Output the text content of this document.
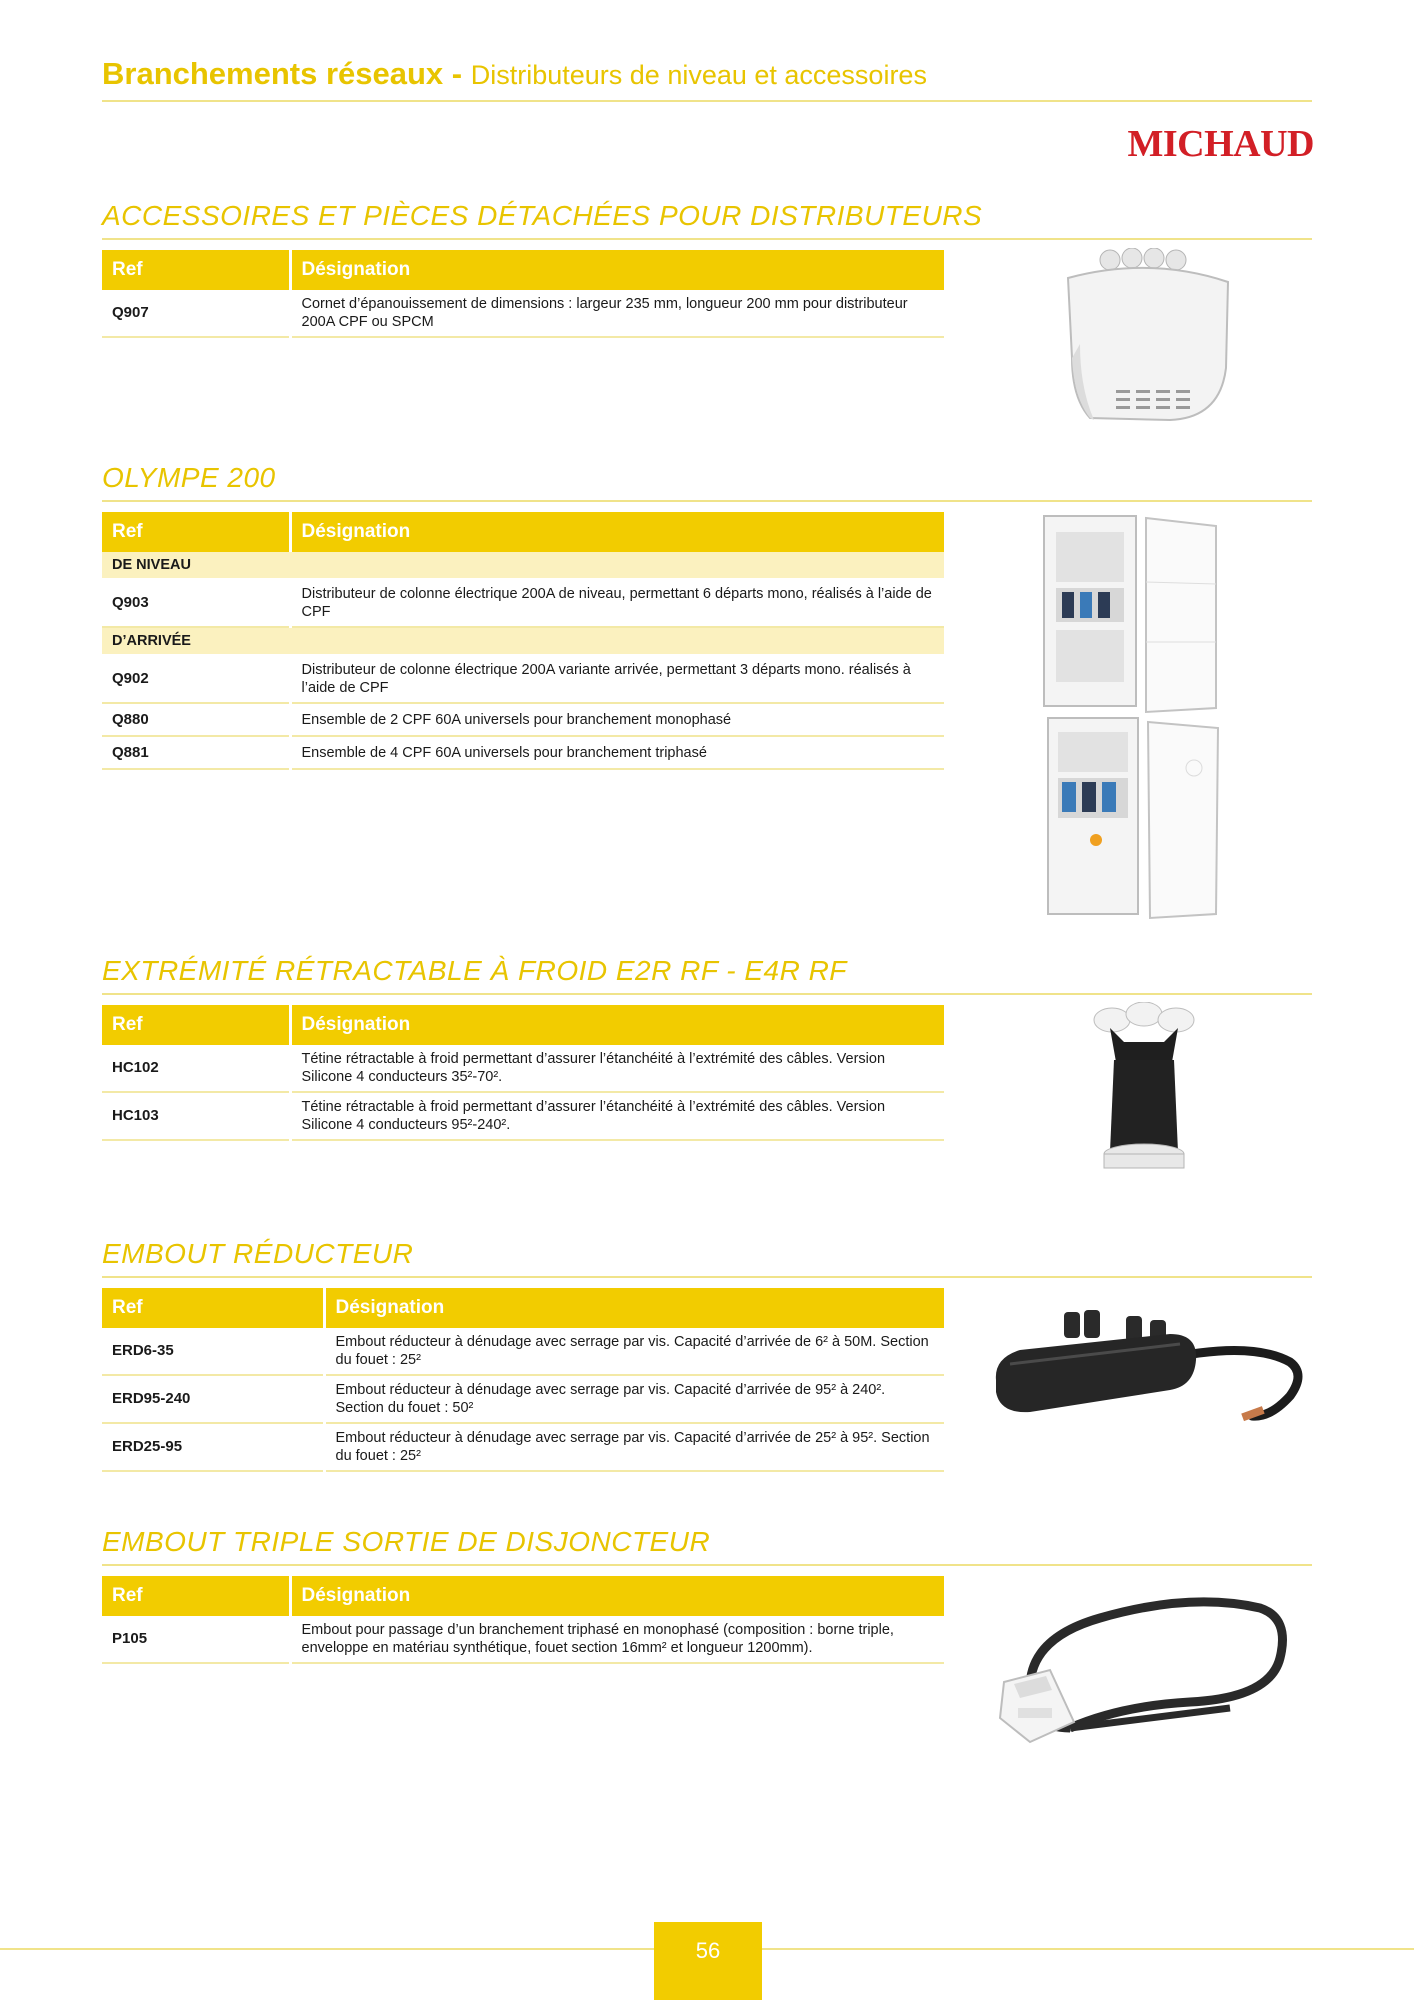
Branchements réseaux - Distributeurs de niveau et accessoires
MICHAUD
ACCESSOIRES ET PIÈCES DÉTACHÉES POUR DISTRIBUTEURS
Ref	Désignation
Q907	Cornet d’épanouissement de dimensions : largeur 235 mm, longueur 200 mm pour distributeur 200A CPF ou SPCM
OLYMPE 200
Ref	Désignation
DE NIVEAU	
Q903	Distributeur de colonne électrique 200A de niveau, permettant 6 départs mono, réalisés à l’aide de CPF
D’ARRIVÉE	
Q902	Distributeur de colonne électrique 200A variante arrivée, permettant 3 départs mono. réalisés à l’aide de CPF
Q880	Ensemble de 2 CPF 60A universels pour branchement monophasé
Q881	Ensemble de 4 CPF 60A universels pour branchement triphasé
EXTRÉMITÉ RÉTRACTABLE À FROID E2R RF - E4R RF
Ref	Désignation
HC102	Tétine rétractable à froid permettant d’assurer l’étanchéité à l’extrémité des câbles. Version Silicone 4 conducteurs 35²-70².
HC103	Tétine rétractable à froid permettant d’assurer l’étanchéité à l’extrémité des câbles. Version Silicone 4 conducteurs 95²-240².
EMBOUT RÉDUCTEUR
Ref	Désignation
ERD6-35	Embout réducteur à dénudage avec serrage par vis. Capacité d’arrivée de 6² à 50M. Section du fouet : 25²
ERD95-240	Embout réducteur à dénudage avec serrage par vis. Capacité d’arrivée de 95² à 240². Section du fouet : 50²
ERD25-95	Embout réducteur à dénudage avec serrage par vis. Capacité d’arrivée de 25² à 95². Section du fouet : 25²
EMBOUT TRIPLE SORTIE DE DISJONCTEUR
Ref	Désignation
P105	Embout pour passage d’un branchement triphasé en monophasé (composition : borne triple, enveloppe en matériau synthétique, fouet section 16mm² et longueur 1200mm).
56
